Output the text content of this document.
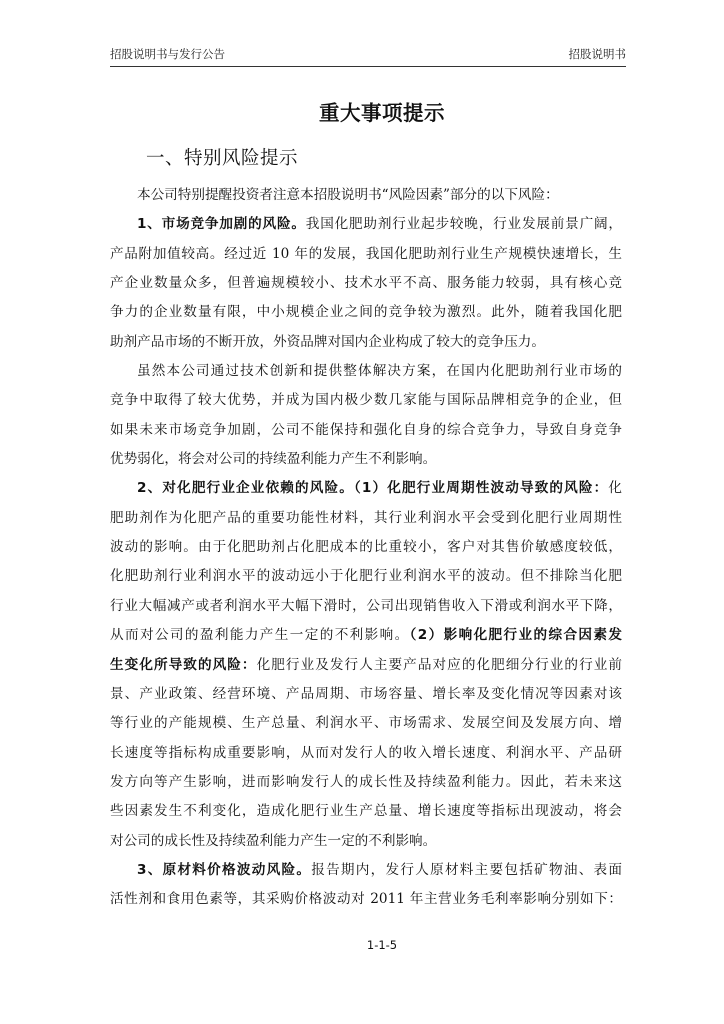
招股说明书与发行公告	招股说明书
重大事项提示
一、特别风险提示
本公司特别提醒投资者注意本招股说明书“风险因素”部分的以下风险：
1、市场竞争加剧的风险。我国化肥助剂行业起步较晚，行业发展前景广阔，
产品附加值较高。经过近 10 年的发展，我国化肥助剂行业生产规模快速增长，生
产企业数量众多，但普遍规模较小、技术水平不高、服务能力较弱，具有核心竞
争力的企业数量有限，中小规模企业之间的竞争较为激烈。此外，随着我国化肥
助剂产品市场的不断开放，外资品牌对国内企业构成了较大的竞争压力。
虽然本公司通过技术创新和提供整体解决方案，在国内化肥助剂行业市场的
竞争中取得了较大优势，并成为国内极少数几家能与国际品牌相竞争的企业，但
如果未来市场竞争加剧，公司不能保持和强化自身的综合竞争力，导致自身竞争
优势弱化，将会对公司的持续盈利能力产生不利影响。
2、对化肥行业企业依赖的风险。（1）化肥行业周期性波动导致的风险：化
肥助剂作为化肥产品的重要功能性材料，其行业利润水平会受到化肥行业周期性
波动的影响。由于化肥助剂占化肥成本的比重较小，客户对其售价敏感度较低，
化肥助剂行业利润水平的波动远小于化肥行业利润水平的波动。但不排除当化肥
行业大幅减产或者利润水平大幅下滑时，公司出现销售收入下滑或利润水平下降，
从而对公司的盈利能力产生一定的不利影响。（2）影响化肥行业的综合因素发
生变化所导致的风险：化肥行业及发行人主要产品对应的化肥细分行业的行业前
景、产业政策、经营环境、产品周期、市场容量、增长率及变化情况等因素对该
等行业的产能规模、生产总量、利润水平、市场需求、发展空间及发展方向、增
长速度等指标构成重要影响，从而对发行人的收入增长速度、利润水平、产品研
发方向等产生影响，进而影响发行人的成长性及持续盈利能力。因此，若未来这
些因素发生不利变化，造成化肥行业生产总量、增长速度等指标出现波动，将会
对公司的成长性及持续盈利能力产生一定的不利影响。
3、原材料价格波动风险。报告期内，发行人原材料主要包括矿物油、表面
活性剂和食用色素等，其采购价格波动对 2011 年主营业务毛利率影响分别如下：
1-1-5
